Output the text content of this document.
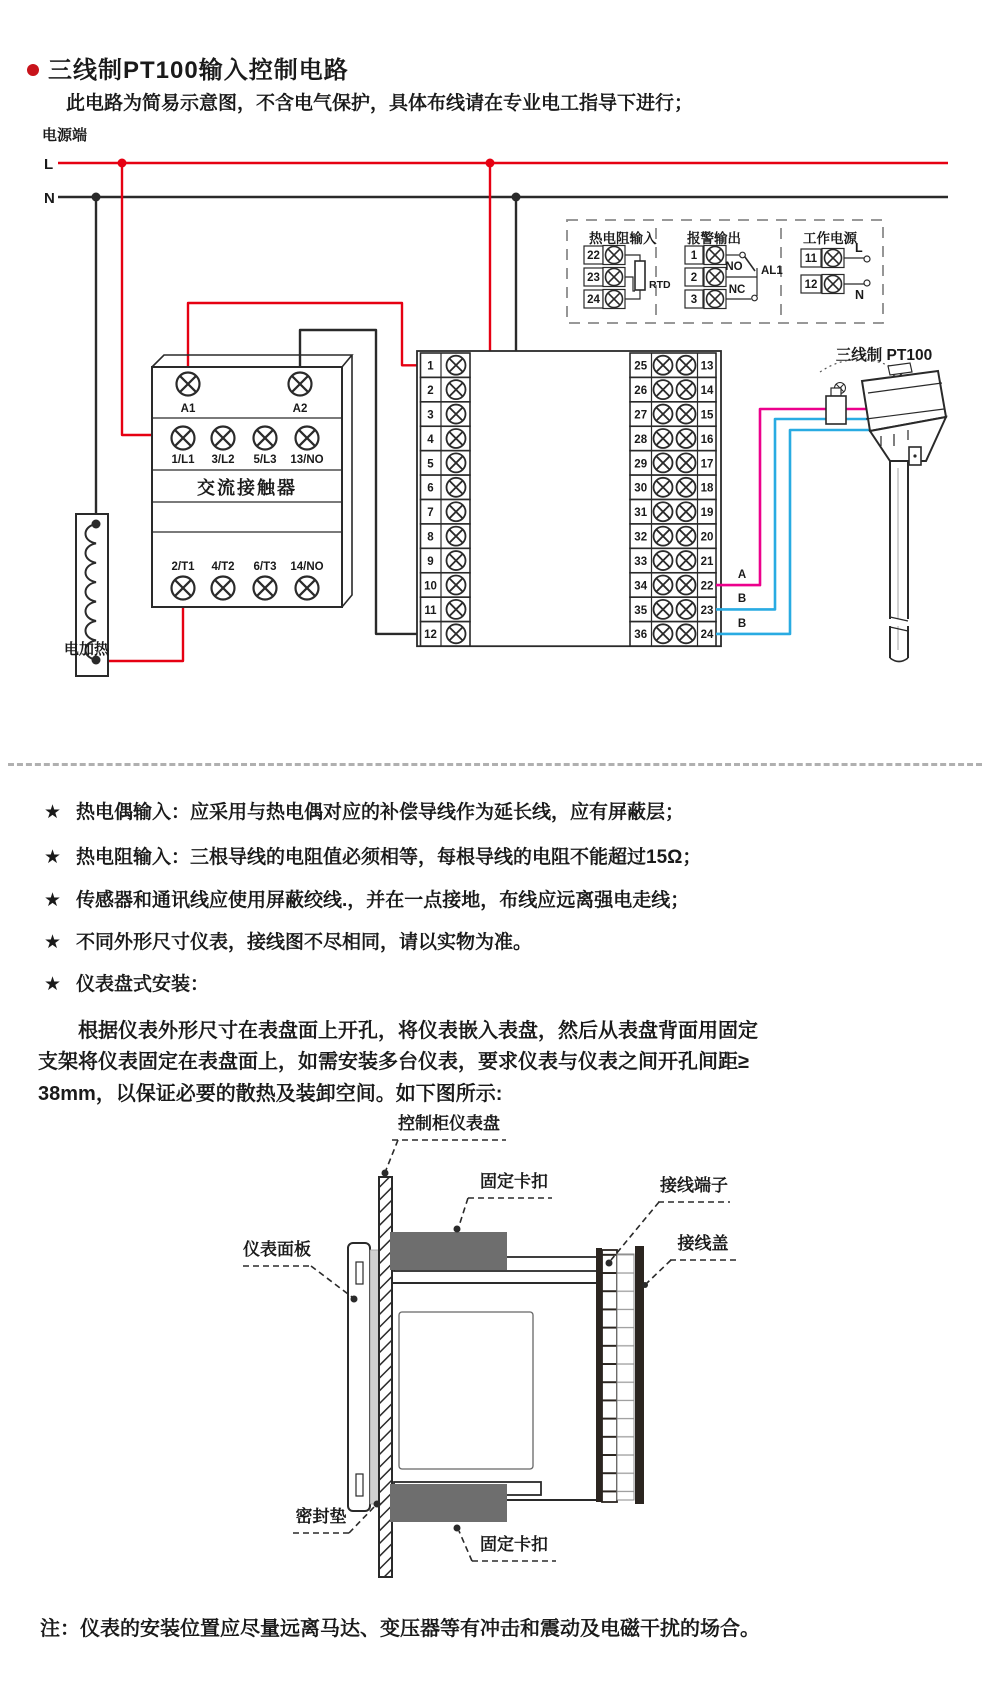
三线制PT100输入控制电路
此电路为简易示意图，不含电气保护，具体布线请在专业电工指导下进行；
电源端
L
N
热电阻输入
22
23
24
RTD
报警输出
1
2
3
NO
NC
AL1
工作电源
11
12
L
N
A1	A2
1/L1 3/L2 5/L3 13/NO
交流接触器
2/T1 4/T2 6/T3 14/NO
电加热
1
2
3
4
5
6
7
8
9
10
11
12
25	13
26	14
27	15
28	16
29	17
30	18
31	19
32	20
33	21
34	22
35	23
36	24
A
B
B
三线制 PT100
控制柜仪表盘
固定卡扣	接线端子
接线盖
仪表面板
密封垫
固定卡扣
★ 热电偶输入：应采用与热电偶对应的补偿导线作为延长线，应有屏蔽层；
★ 热电阻输入：三根导线的电阻值必须相等，每根导线的电阻不能超过15Ω；
★ 传感器和通讯线应使用屏蔽绞线.，并在一点接地，布线应远离强电走线；
★ 不同外形尺寸仪表，接线图不尽相同，请以实物为准。
★ 仪表盘式安装：
根据仪表外形尺寸在表盘面上开孔，将仪表嵌入表盘，然后从表盘背面用固定
支架将仪表固定在表盘面上，如需安装多台仪表，要求仪表与仪表之间开孔间距≥
38mm，以保证必要的散热及装卸空间。如下图所示:
注：仪表的安装位置应尽量远离马达、变压器等有冲击和震动及电磁干扰的场合。
